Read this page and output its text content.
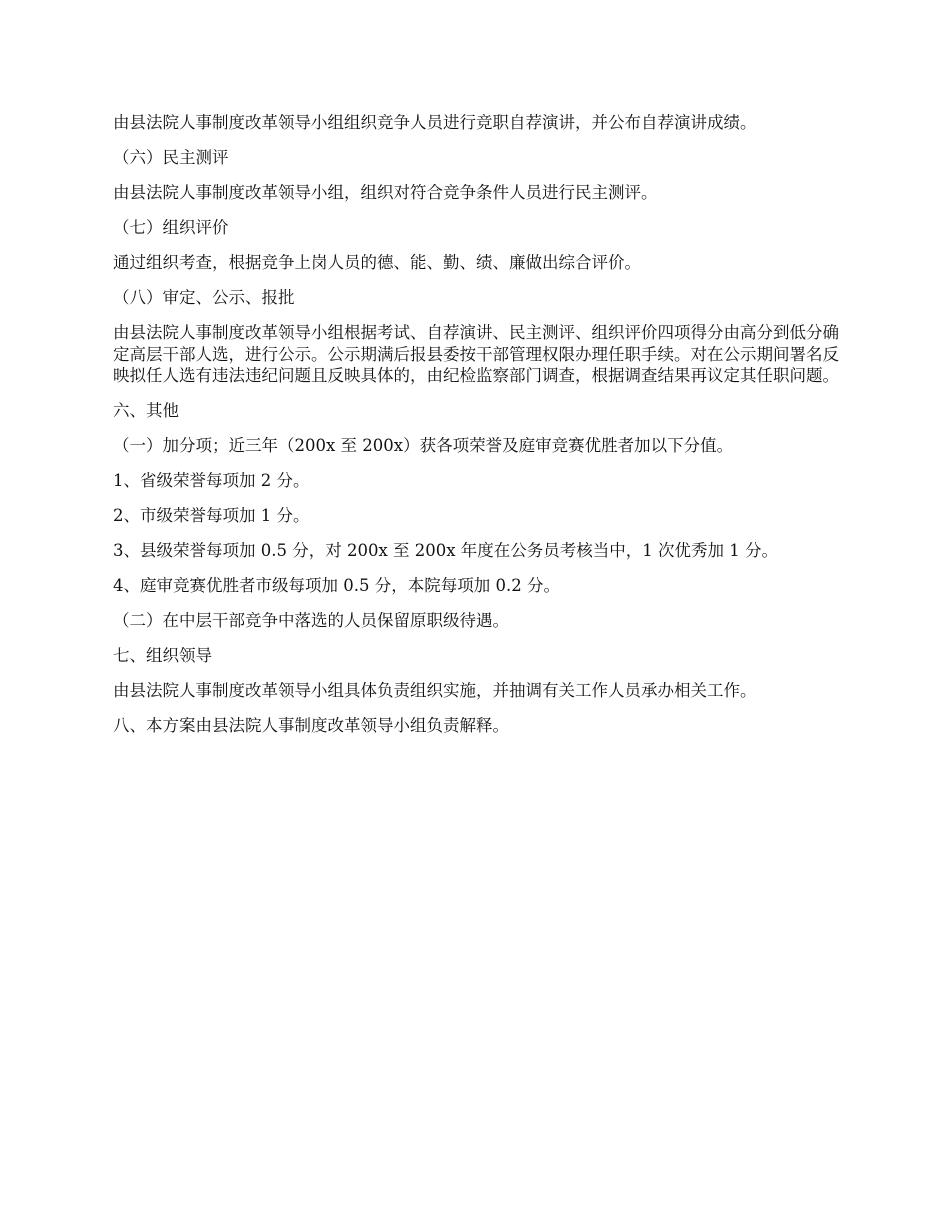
由县法院人事制度改革领导小组组织竞争人员进行竞职自荐演讲，并公布自荐演讲成绩。

（六）民主测评

由县法院人事制度改革领导小组，组织对符合竞争条件人员进行民主测评。

（七）组织评价

通过组织考查，根据竞争上岗人员的德、能、勤、绩、廉做出综合评价。

（八）审定、公示、报批

由县法院人事制度改革领导小组根据考试、自荐演讲、民主测评、组织评价四项得分由高分到低分确定高层干部人选，进行公示。公示期满后报县委按干部管理权限办理任职手续。对在公示期间署名反映拟任人选有违法违纪问题且反映具体的，由纪检监察部门调查，根据调查结果再议定其任职问题。

六、其他

（一）加分项；近三年（200x 至 200x）获各项荣誉及庭审竞赛优胜者加以下分值。

1、省级荣誉每项加 2 分。

2、市级荣誉每项加 1 分。

3、县级荣誉每项加 0.5 分，对 200x 至 200x 年度在公务员考核当中，1 次优秀加 1 分。

4、庭审竞赛优胜者市级每项加 0.5 分，本院每项加 0.2 分。

（二）在中层干部竞争中落选的人员保留原职级待遇。

七、组织领导

由县法院人事制度改革领导小组具体负责组织实施，并抽调有关工作人员承办相关工作。

八、本方案由县法院人事制度改革领导小组负责解释。
